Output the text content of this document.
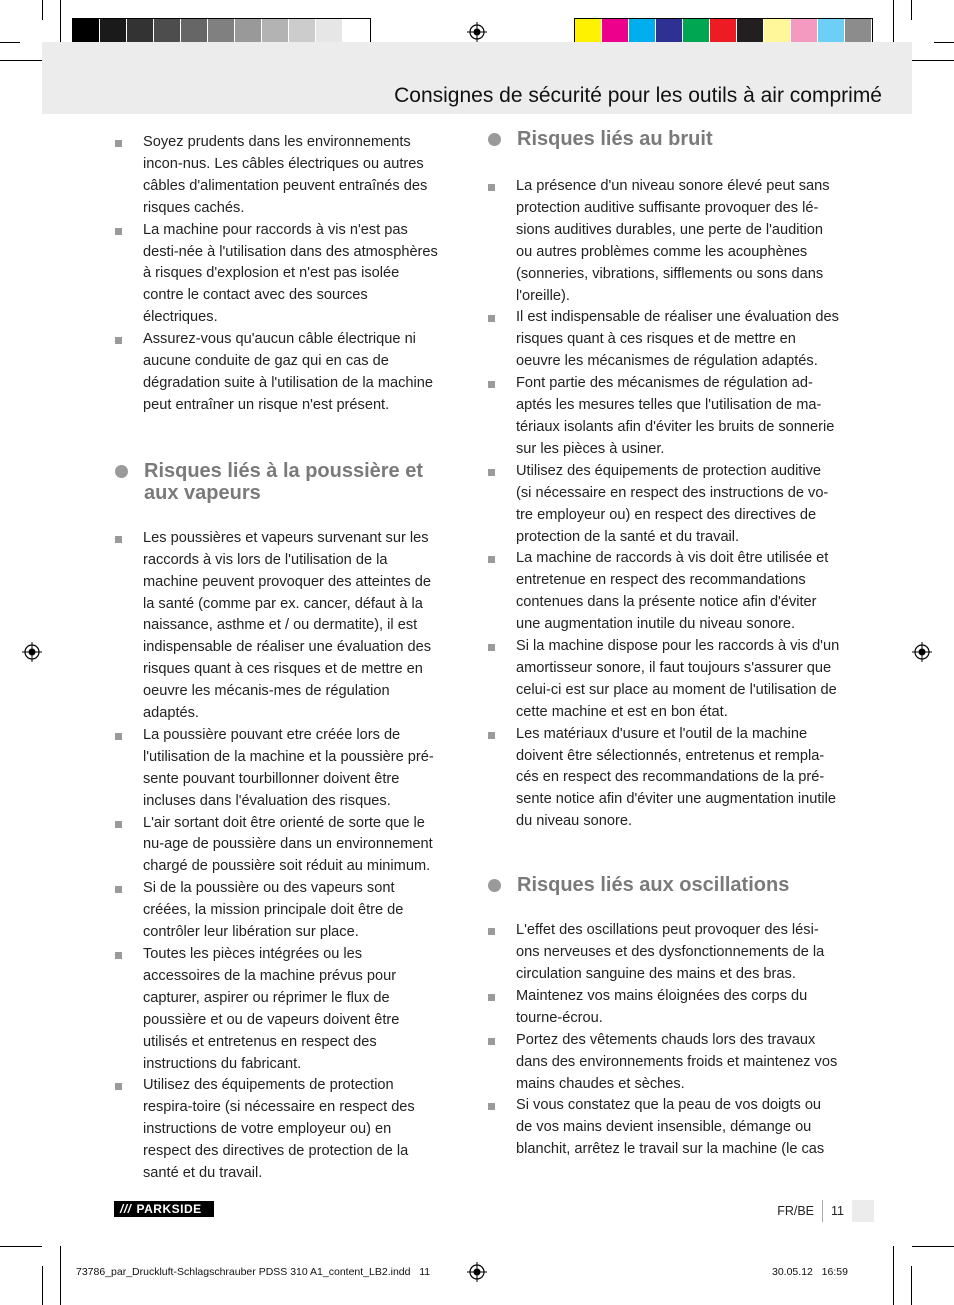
Consignes de sécurité pour les outils à air comprimé

Soyez prudents dans les environnements incon-nus. Les câbles électriques ou autres câbles d'alimentation peuvent entraînés des risques cachés.

La machine pour raccords à vis n'est pas desti-née à l'utilisation dans des atmosphères à risques d'explosion et n'est pas isolée contre le contact avec des sources électriques.

Assurez-vous qu'aucun câble électrique ni aucune conduite de gaz qui en cas de dégradation suite à l'utilisation de la machine peut entraîner un risque n'est présent.

Risques liés à la poussière et aux vapeurs

Les poussières et vapeurs survenant sur les raccords à vis lors de l'utilisation de la machine peuvent provoquer des atteintes de la santé (comme par ex. cancer, défaut à la naissance, asthme et / ou dermatite), il est indispensable de réaliser une évaluation des risques quant à ces risques et de mettre en oeuvre les mécanis-mes de régulation adaptés.

La poussière pouvant etre créée lors de l'utilisation de la machine et la poussière pré-sente pouvant tourbillonner doivent être incluses dans l'évaluation des risques.

L'air sortant doit être orienté de sorte que le nu-age de poussière dans un environnement chargé de poussière soit réduit au minimum.

Si de la poussière ou des vapeurs sont créées, la mission principale doit être de contrôler leur libération sur place.

Toutes les pièces intégrées ou les accessoires de la machine prévus pour capturer, aspirer ou réprimer le flux de poussière et ou de vapeurs doivent être utilisés et entretenus en respect des instructions du fabricant.

Utilisez des équipements de protection respira-toire (si nécessaire en respect des instructions de votre employeur ou) en respect des directives de protection de la santé et du travail.

Risques liés au bruit

La présence d'un niveau sonore élevé peut sans protection auditive suffisante provoquer des lé-sions auditives durables, une perte de l'audition ou autres problèmes comme les acouphènes (sonneries, vibrations, sifflements ou sons dans l'oreille).

Il est indispensable de réaliser une évaluation des risques quant à ces risques et de mettre en oeuvre les mécanismes de régulation adaptés.

Font partie des mécanismes de régulation ad-aptés les mesures telles que l'utilisation de ma-tériaux isolants afin d'éviter les bruits de sonnerie sur les pièces à usiner.

Utilisez des équipements de protection auditive (si nécessaire en respect des instructions de vo-tre employeur ou) en respect des directives de protection de la santé et du travail.

La machine de raccords à vis doit être utilisée et entretenue en respect des recommandations contenues dans la présente notice afin d'éviter une augmentation inutile du niveau sonore.

Si la machine dispose pour les raccords à vis d'un amortisseur sonore, il faut toujours s'assurer que celui-ci est sur place au moment de l'utilisation de cette machine et est en bon état.

Les matériaux d'usure et l'outil de la machine doivent être sélectionnés, entretenus et rempla-cés en respect des recommandations de la pré-sente notice afin d'éviter une augmentation inutile du niveau sonore.

Risques liés aux oscillations

L'effet des oscillations peut provoquer des lési-ons nerveuses et des dysfonctionnements de la circulation sanguine des mains et des bras.

Maintenez vos mains éloignées des corps du tourne-écrou.

Portez des vêtements chauds lors des travaux dans des environnements froids et maintenez vos mains chaudes et sèches.

Si vous constatez que la peau de vos doigts ou de vos mains devient insensible, démange ou blanchit, arrêtez le travail sur la machine (le cas

/// PARKSIDE	FR/BE 11
73786_par_Druckluft-Schlagschrauber PDSS 310 A1_content_LB2.indd 11	30.05.12 16:59
